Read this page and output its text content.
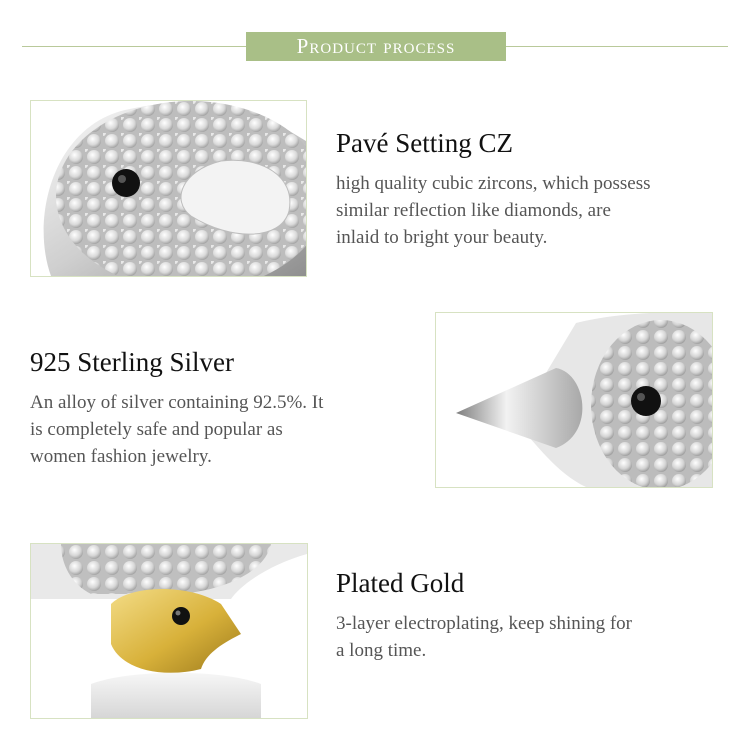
Product process
Pavé Setting CZ
high quality cubic zircons, which possess
similar reflection like diamonds, are
inlaid to bright your beauty.
925 Sterling Silver
An alloy of silver containing 92.5%. It
is completely safe and popular as
women fashion jewelry.
Plated Gold
3-layer electroplating, keep shining for
a long time.
